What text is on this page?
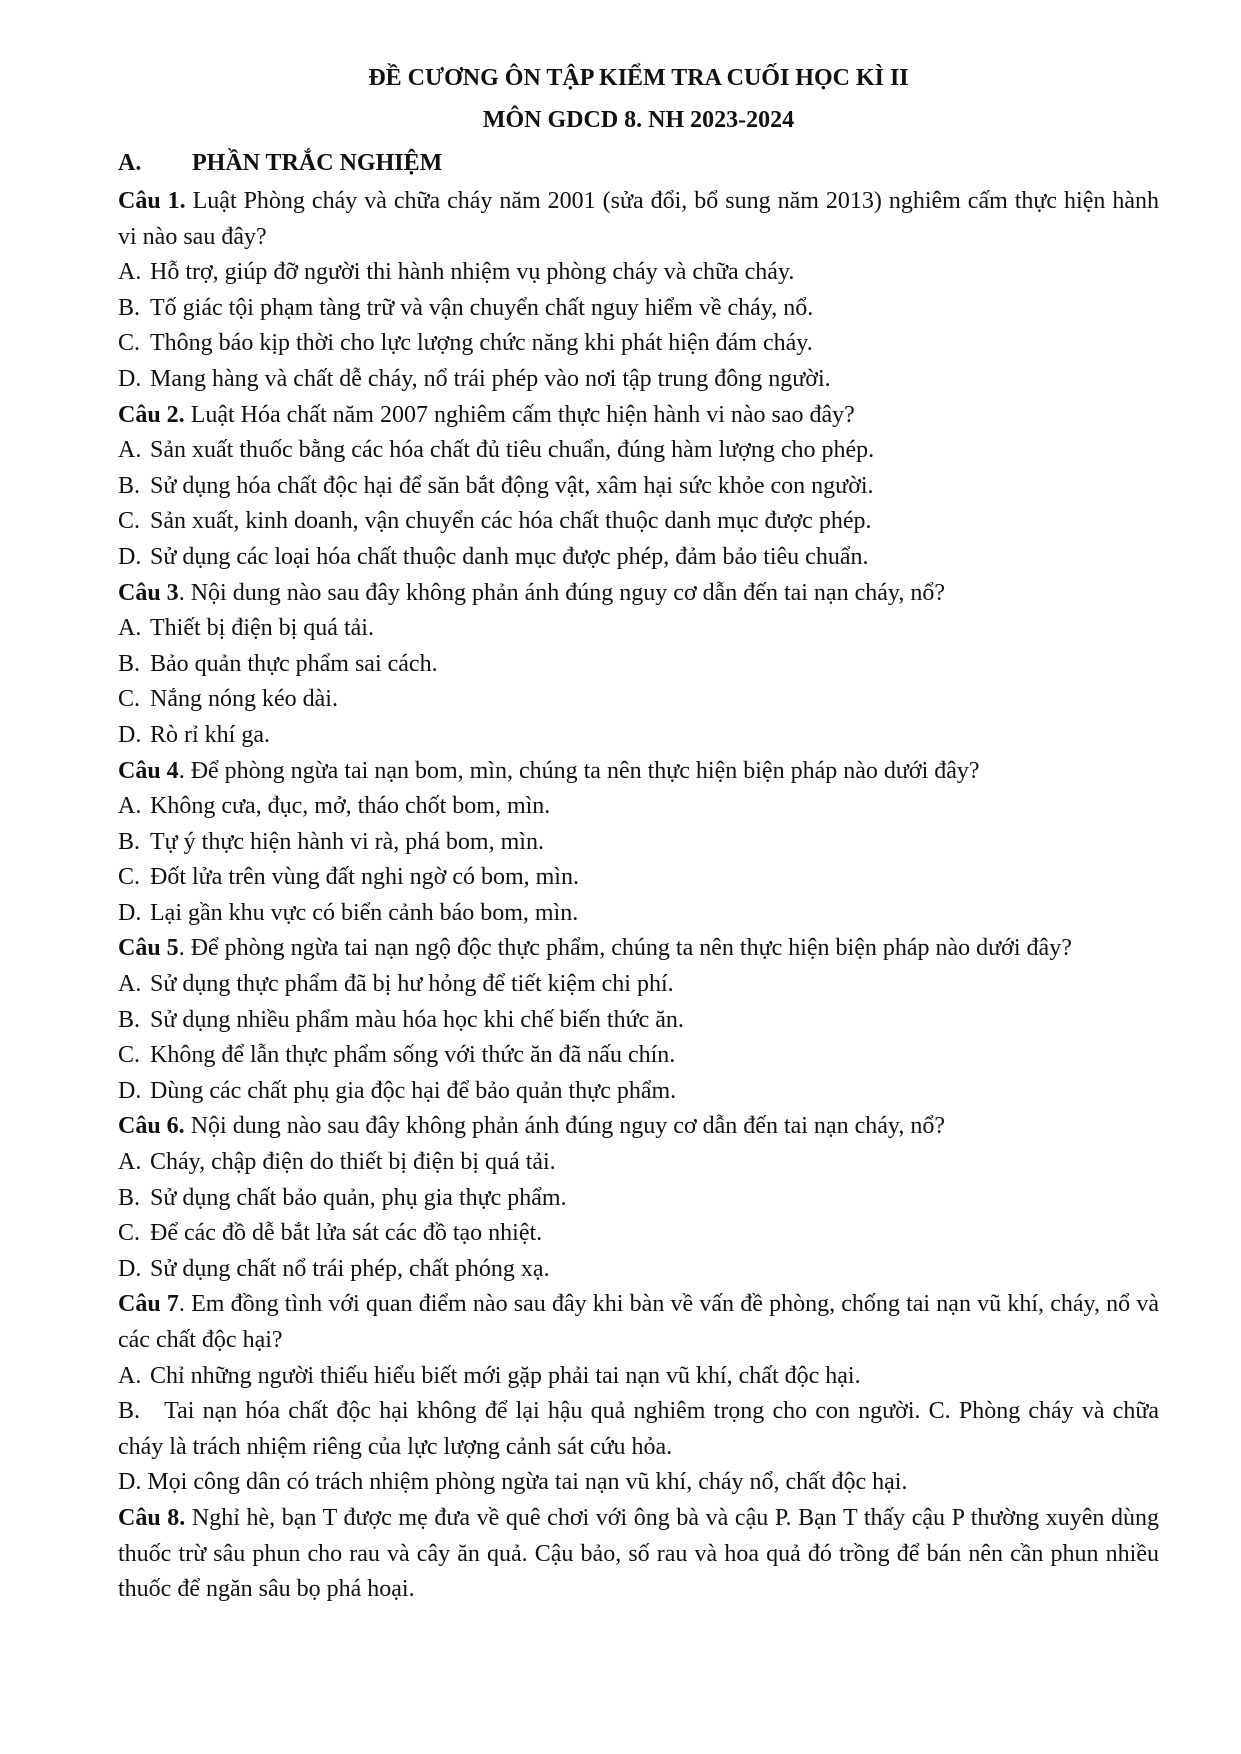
ĐỀ CƯƠNG ÔN TẬP KIỂM TRA CUỐI HỌC KÌ II

MÔN GDCD 8. NH 2023-2024

A.	PHẦN TRẮC NGHIỆM

Câu 1. Luật Phòng cháy và chữa cháy năm 2001 (sửa đổi, bổ sung năm 2013) nghiêm cấm thực hiện hành vi nào sau đây?

A. Hỗ trợ, giúp đỡ người thi hành nhiệm vụ phòng cháy và chữa cháy.

B. Tố giác tội phạm tàng trữ và vận chuyển chất nguy hiểm về cháy, nổ.

C. Thông báo kịp thời cho lực lượng chức năng khi phát hiện đám cháy.

D. Mang hàng và chất dễ cháy, nổ trái phép vào nơi tập trung đông người.

Câu 2. Luật Hóa chất năm 2007 nghiêm cấm thực hiện hành vi nào sao đây?

A. Sản xuất thuốc bằng các hóa chất đủ tiêu chuẩn, đúng hàm lượng cho phép.

B. Sử dụng hóa chất độc hại để săn bắt động vật, xâm hại sức khỏe con người.

C. Sản xuất, kinh doanh, vận chuyển các hóa chất thuộc danh mục được phép.

D. Sử dụng các loại hóa chất thuộc danh mục được phép, đảm bảo tiêu chuẩn.

Câu 3. Nội dung nào sau đây không phản ánh đúng nguy cơ dẫn đến tai nạn cháy, nổ?

A. Thiết bị điện bị quá tải.

B. Bảo quản thực phẩm sai cách.

C. Nắng nóng kéo dài.

D. Rò rỉ khí ga.

Câu 4. Để phòng ngừa tai nạn bom, mìn, chúng ta nên thực hiện biện pháp nào dưới đây?

A. Không cưa, đục, mở, tháo chốt bom, mìn.

B. Tự ý thực hiện hành vi rà, phá bom, mìn.

C. Đốt lửa trên vùng đất nghi ngờ có bom, mìn.

D. Lại gần khu vực có biển cảnh báo bom, mìn.

Câu 5. Để phòng ngừa tai nạn ngộ độc thực phẩm, chúng ta nên thực hiện biện pháp nào dưới đây?

A. Sử dụng thực phẩm đã bị hư hỏng để tiết kiệm chi phí.

B. Sử dụng nhiều phẩm màu hóa học khi chế biến thức ăn.

C. Không để lẫn thực phẩm sống với thức ăn đã nấu chín.

D. Dùng các chất phụ gia độc hại để bảo quản thực phẩm.

Câu 6. Nội dung nào sau đây không phản ánh đúng nguy cơ dẫn đến tai nạn cháy, nổ?

A. Cháy, chập điện do thiết bị điện bị quá tải.

B. Sử dụng chất bảo quản, phụ gia thực phẩm.

C. Để các đồ dễ bắt lửa sát các đồ tạo nhiệt.

D. Sử dụng chất nổ trái phép, chất phóng xạ.

Câu 7. Em đồng tình với quan điểm nào sau đây khi bàn về vấn đề phòng, chống tai nạn vũ khí, cháy, nổ và các chất độc hại?

A. Chỉ những người thiếu hiểu biết mới gặp phải tai nạn vũ khí, chất độc hại.

B.   Tai nạn hóa chất độc hại không để lại hậu quả nghiêm trọng cho con người. C. Phòng cháy và chữa cháy là trách nhiệm riêng của lực lượng cảnh sát cứu hỏa.

D. Mọi công dân có trách nhiệm phòng ngừa tai nạn vũ khí, cháy nổ, chất độc hại.

Câu 8. Nghỉ hè, bạn T được mẹ đưa về quê chơi với ông bà và cậu P. Bạn T thấy cậu P thường xuyên dùng thuốc trừ sâu phun cho rau và cây ăn quả. Cậu bảo, số rau và hoa quả đó trồng để bán nên cần phun nhiều thuốc để ngăn sâu bọ phá hoại.
